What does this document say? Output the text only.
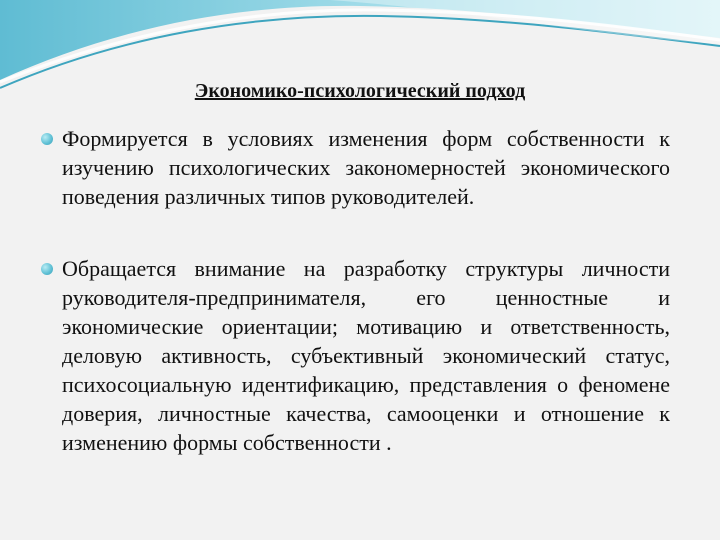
Экономико-психологический подход
Формируется в условиях изменения форм собственности к изучению психологических закономерностей экономического поведения различных типов руководителей.
Обращается внимание на разработку структуры личности руководителя-предпринимателя, его ценностные и экономические ориентации; мотивацию и ответственность, деловую активность, субъективный экономический статус, психосоциальную идентификацию, представления о феномене доверия, личностные качества, самооценки и отношение к изменению формы собственности .
